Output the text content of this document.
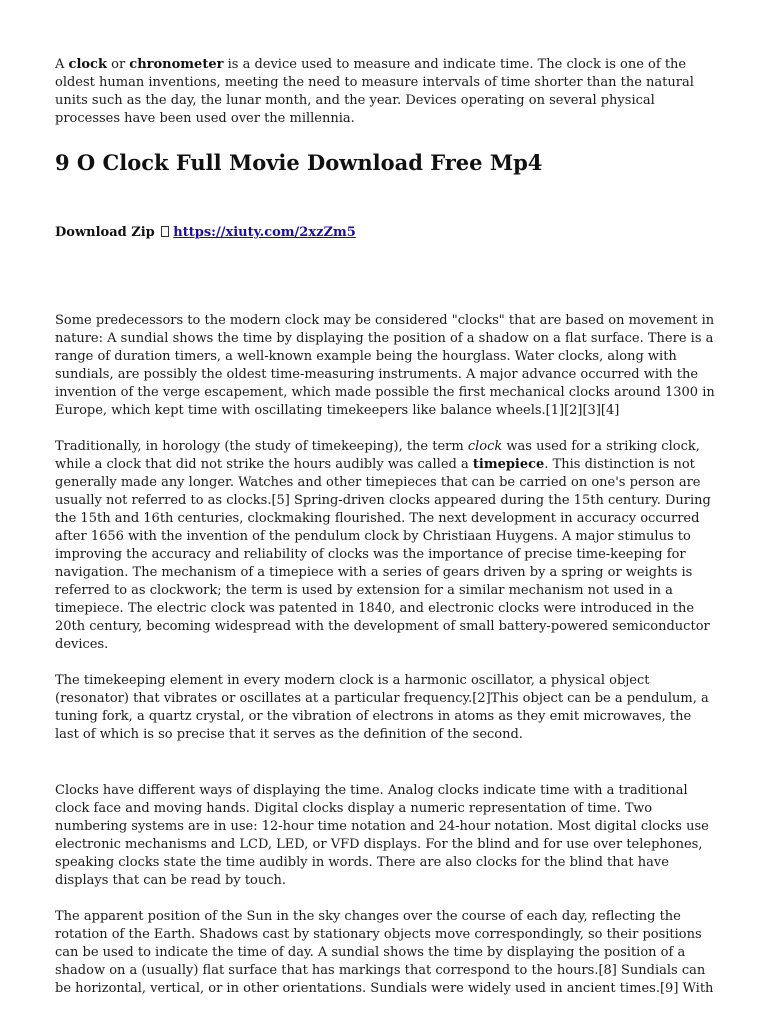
A clock or chronometer is a device used to measure and indicate time. The clock is one of the oldest human inventions, meeting the need to measure intervals of time shorter than the natural units such as the day, the lunar month, and the year. Devices operating on several physical processes have been used over the millennia.

9 O Clock Full Movie Download Free Mp4

Download Zip https://xiuty.com/2xzZm5

Some predecessors to the modern clock may be considered "clocks" that are based on movement in nature: A sundial shows the time by displaying the position of a shadow on a flat surface. There is a range of duration timers, a well-known example being the hourglass. Water clocks, along with sundials, are possibly the oldest time-measuring instruments. A major advance occurred with the invention of the verge escapement, which made possible the first mechanical clocks around 1300 in Europe, which kept time with oscillating timekeepers like balance wheels.[1][2][3][4]

Traditionally, in horology (the study of timekeeping), the term clock was used for a striking clock, while a clock that did not strike the hours audibly was called a timepiece. This distinction is not generally made any longer. Watches and other timepieces that can be carried on one's person are usually not referred to as clocks.[5] Spring-driven clocks appeared during the 15th century. During the 15th and 16th centuries, clockmaking flourished. The next development in accuracy occurred after 1656 with the invention of the pendulum clock by Christiaan Huygens. A major stimulus to improving the accuracy and reliability of clocks was the importance of precise time-keeping for navigation. The mechanism of a timepiece with a series of gears driven by a spring or weights is referred to as clockwork; the term is used by extension for a similar mechanism not used in a timepiece. The electric clock was patented in 1840, and electronic clocks were introduced in the 20th century, becoming widespread with the development of small battery-powered semiconductor devices.

The timekeeping element in every modern clock is a harmonic oscillator, a physical object (resonator) that vibrates or oscillates at a particular frequency.[2]This object can be a pendulum, a tuning fork, a quartz crystal, or the vibration of electrons in atoms as they emit microwaves, the last of which is so precise that it serves as the definition of the second.

Clocks have different ways of displaying the time. Analog clocks indicate time with a traditional clock face and moving hands. Digital clocks display a numeric representation of time. Two numbering systems are in use: 12-hour time notation and 24-hour notation. Most digital clocks use electronic mechanisms and LCD, LED, or VFD displays. For the blind and for use over telephones, speaking clocks state the time audibly in words. There are also clocks for the blind that have displays that can be read by touch.

The apparent position of the Sun in the sky changes over the course of each day, reflecting the rotation of the Earth. Shadows cast by stationary objects move correspondingly, so their positions can be used to indicate the time of day. A sundial shows the time by displaying the position of a shadow on a (usually) flat surface that has markings that correspond to the hours.[8] Sundials can be horizontal, vertical, or in other orientations. Sundials were widely used in ancient times.[9] With
